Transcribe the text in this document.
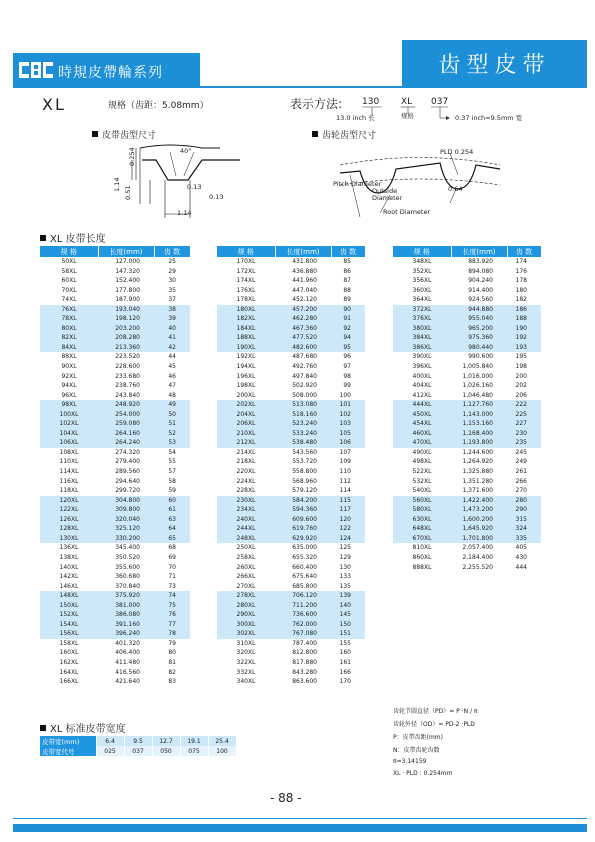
時規皮帶輪系列	齿型皮带
XL	规格（齿距：5.08mm）	表示方法: 130 XL 037
13.0 inch 长	规格	0.37 inch=9.5mm 宽
皮带齿型尺寸	齿轮齿型尺寸
40°
0.254
1.14
0.51	0.13
0.13
1.14
PLD 0.254
Pitch Diameter
Outside Diameter
Root Diameter
0.64
XL 皮带长度
规 格	长度(mm)	齿 数
50XL	127.000	25
58XL	147.320	29
60XL	152.400	30
70XL	177.800	35
74XL	187.900	37
76XL	193.040	38
78XL	198.120	39
80XL	203.200	40
82XL	208.280	41
84XL	213.360	42
88XL	223.520	44
90XL	228.600	45
92XL	233.680	46
94XL	238.760	47
96XL	243.840	48
98XL	248.920	49
100XL	254.000	50
102XL	259.080	51
104XL	264.160	52
106XL	264.240	53
108XL	274.320	54
110XL	279.400	55
114XL	289.560	57
116XL	294.640	58
118XL	299.720	59
120XL	304.800	60
122XL	309.800	61
126XL	320.040	63
128XL	325.120	64
130XL	330.200	65
136XL	345.400	68
138XL	350.520	69
140XL	355.600	70
142XL	360.680	71
146XL	370.840	73
148XL	375.920	74
150XL	381.000	75
152XL	386.080	76
154XL	391.160	77
156XL	396.240	78
158XL	401.320	79
160XL	406.400	80
162XL	411.480	81
164XL	416.560	82
166XL	421.640	83
规 格	长度(mm)	齿 数
170XL	431.800	85
172XL	436.880	86
174XL	441.960	87
176XL	447.040	88
178XL	452.120	89
180XL	457.200	90
182XL	462.280	91
184XL	467.360	92
188XL	477.520	94
190XL	482.600	95
192XL	487.680	96
194XL	492.760	97
196XL	497.840	98
198XL	502.920	99
200XL	508.000	100
202XL	513.080	101
204XL	518.160	102
206XL	523.240	103
210XL	533.240	105
212XL	538.480	106
214XL	543.560	107
218XL	553.720	109
220XL	558.800	110
224XL	568.960	112
228XL	579.120	114
230XL	584.200	115
234XL	594.360	117
240XL	609.600	120
244XL	619.760	122
248XL	629.920	124
250XL	635.000	125
258XL	655.320	129
260XL	660.400	130
266XL	675.640	133
270XL	685.800	135
278XL	706.120	139
280XL	711.200	140
290XL	736.600	145
300XL	762.000	150
302XL	767.080	151
310XL	787.400	155
320XL	812.800	160
322XL	817.880	161
332XL	843.280	166
340XL	863.600	170
规 格	长度(mm)	齿 数
348XL	883.920	174
352XL	894.080	176
356XL	904.240	178
360XL	914.400	180
364XL	924.560	182
372XL	944.880	186
376XL	955.040	188
380XL	965.200	190
384XL	975.360	192
386XL	980.440	193
390XL	990.600	195
396XL	1,005.840	198
400XL	1,016.000	200
404XL	1,026.160	202
412XL	1,046.480	206
444XL	1,127.760	222
450XL	1,143.000	225
454XL	1,153.160	227
460XL	1,168.400	230
470XL	1,193.800	235
490XL	1,244.600	245
498XL	1,264.920	249
522XL	1,325.880	261
532XL	1,351.280	266
540XL	1,371.600	270
560XL	1,422.400	280
580XL	1,473.200	290
630XL	1,600.200	315
648XL	1,645.920	324
670XL	1,701.800	335
810XL	2,057.400	405
860XL	2,184.400	430
888XL	2,255.520	444
XL 标准皮带宽度
皮带宽(mm)	6.4	9.5	12.7	19.1	25.4
皮带宽代号	025	037	050	075	100
齿轮节圆直径（PD）= P ·N / π
齿轮外径（OD）= PD-2 ·PLD
P：皮带齿距(mm)
N：皮带齿轮齿数
π=3.14159
XL · PLD : 0.254mm
- 88 -
